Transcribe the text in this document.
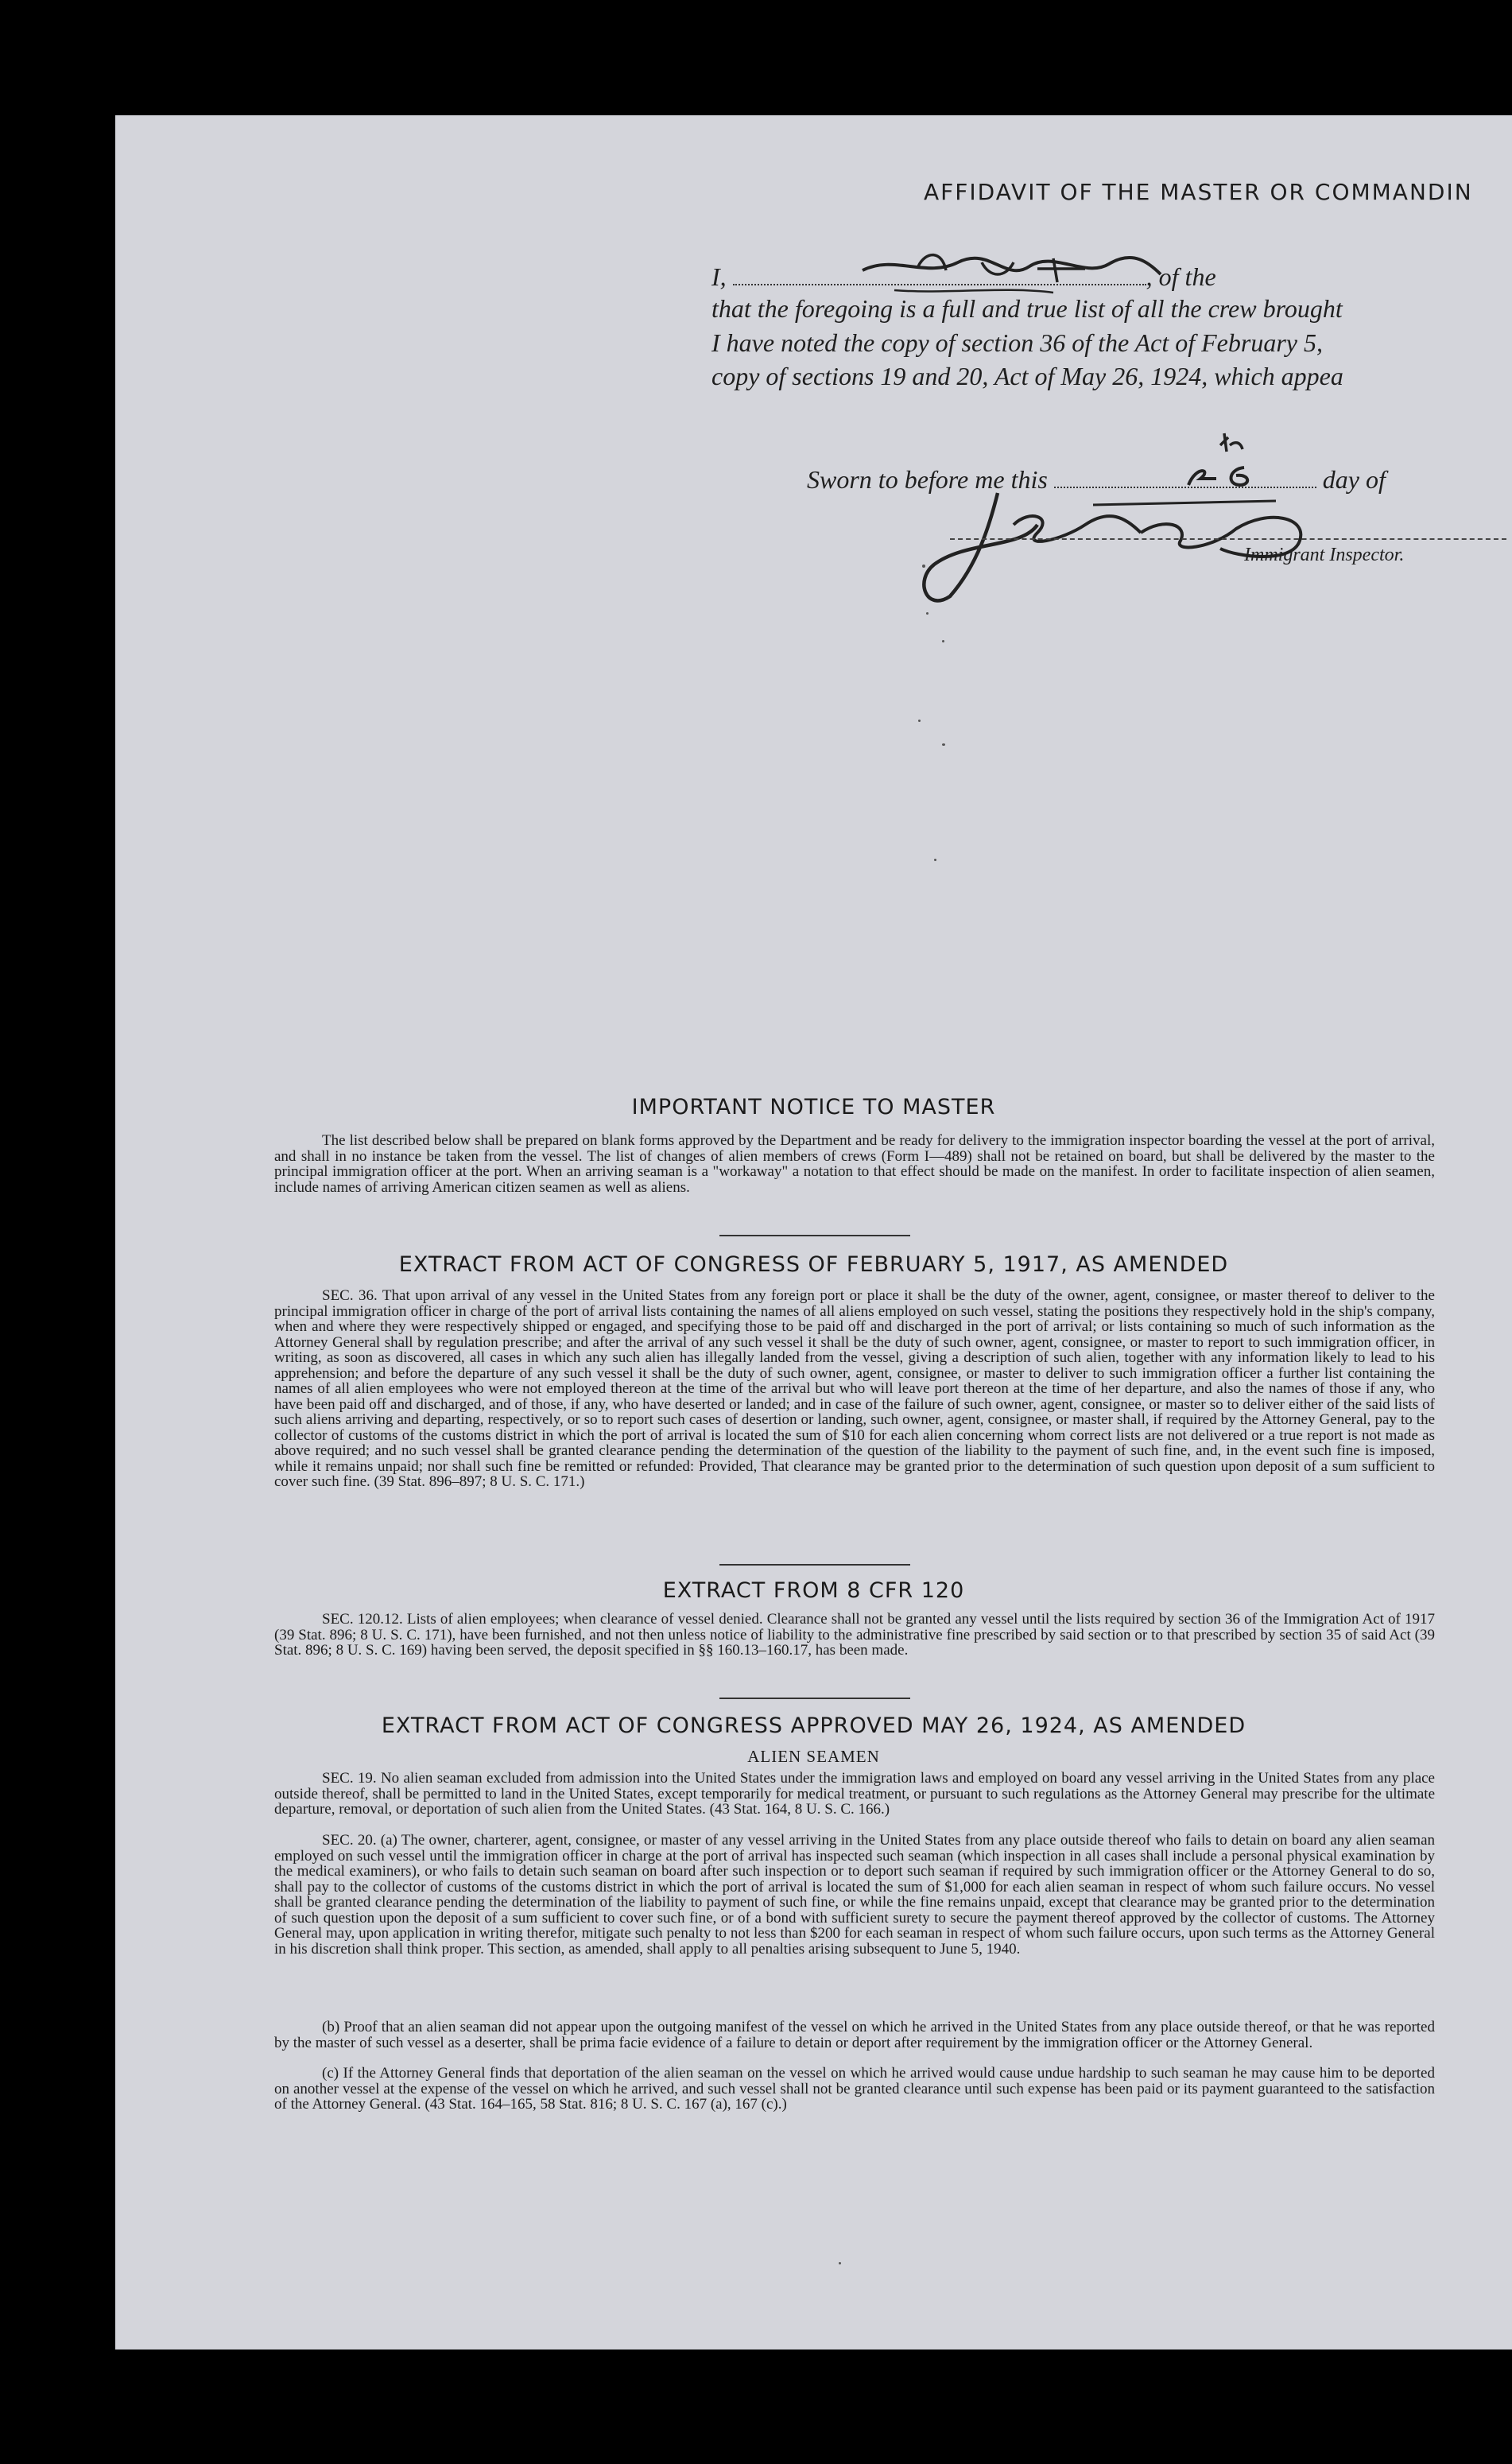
AFFIDAVIT OF THE MASTER OR COMMANDIN
I,	, of the
that the foregoing is a full and true list of all the crew brought
I have noted the copy of section 36 of the Act of February 5,
copy of sections 19 and 20, Act of May 26, 1924, which appea
Sworn to before me this	day of
Immigrant Inspector.
IMPORTANT NOTICE TO MASTER
The list described below shall be prepared on blank forms approved by the Department and be ready for delivery to the immigration inspector boarding the vessel at the port of arrival, and shall in no instance be taken from the vessel. The list of changes of alien members of crews (Form I—489) shall not be retained on board, but shall be delivered by the master to the principal immigration officer at the port. When an arriving seaman is a "workaway" a notation to that effect should be made on the manifest. In order to facilitate inspection of alien seamen, include names of arriving American citizen seamen as well as aliens.
EXTRACT FROM ACT OF CONGRESS OF FEBRUARY 5, 1917, AS AMENDED
SEC. 36. That upon arrival of any vessel in the United States from any foreign port or place it shall be the duty of the owner, agent, consignee, or master thereof to deliver to the principal immigration officer in charge of the port of arrival lists containing the names of all aliens employed on such vessel, stating the positions they respectively hold in the ship's company, when and where they were respectively shipped or engaged, and specifying those to be paid off and discharged in the port of arrival; or lists containing so much of such information as the Attorney General shall by regulation prescribe; and after the arrival of any such vessel it shall be the duty of such owner, agent, consignee, or master to report to such immigration officer, in writing, as soon as discovered, all cases in which any such alien has illegally landed from the vessel, giving a description of such alien, together with any information likely to lead to his apprehension; and before the departure of any such vessel it shall be the duty of such owner, agent, consignee, or master to deliver to such immigration officer a further list containing the names of all alien employees who were not employed thereon at the time of the arrival but who will leave port thereon at the time of her departure, and also the names of those if any, who have been paid off and discharged, and of those, if any, who have deserted or landed; and in case of the failure of such owner, agent, consignee, or master so to deliver either of the said lists of such aliens arriving and departing, respectively, or so to report such cases of desertion or landing, such owner, agent, consignee, or master shall, if required by the Attorney General, pay to the collector of customs of the customs district in which the port of arrival is located the sum of $10 for each alien concerning whom correct lists are not delivered or a true report is not made as above required; and no such vessel shall be granted clearance pending the determination of the question of the liability to the payment of such fine, and, in the event such fine is imposed, while it remains unpaid; nor shall such fine be remitted or refunded: Provided, That clearance may be granted prior to the determination of such question upon deposit of a sum sufficient to cover such fine. (39 Stat. 896–897; 8 U. S. C. 171.)
EXTRACT FROM 8 CFR 120
SEC. 120.12. Lists of alien employees; when clearance of vessel denied. Clearance shall not be granted any vessel until the lists required by section 36 of the Immigration Act of 1917 (39 Stat. 896; 8 U. S. C. 171), have been furnished, and not then unless notice of liability to the administrative fine prescribed by said section or to that prescribed by section 35 of said Act (39 Stat. 896; 8 U. S. C. 169) having been served, the deposit specified in §§ 160.13–160.17, has been made.
EXTRACT FROM ACT OF CONGRESS APPROVED MAY 26, 1924, AS AMENDED
ALIEN SEAMEN
SEC. 19. No alien seaman excluded from admission into the United States under the immigration laws and employed on board any vessel arriving in the United States from any place outside thereof, shall be permitted to land in the United States, except temporarily for medical treatment, or pursuant to such regulations as the Attorney General may prescribe for the ultimate departure, removal, or deportation of such alien from the United States. (43 Stat. 164, 8 U. S. C. 166.)
SEC. 20. (a) The owner, charterer, agent, consignee, or master of any vessel arriving in the United States from any place outside thereof who fails to detain on board any alien seaman employed on such vessel until the immigration officer in charge at the port of arrival has inspected such seaman (which inspection in all cases shall include a personal physical examination by the medical examiners), or who fails to detain such seaman on board after such inspection or to deport such seaman if required by such immigration officer or the Attorney General to do so, shall pay to the collector of customs of the customs district in which the port of arrival is located the sum of $1,000 for each alien seaman in respect of whom such failure occurs. No vessel shall be granted clearance pending the determination of the liability to payment of such fine, or while the fine remains unpaid, except that clearance may be granted prior to the determination of such question upon the deposit of a sum sufficient to cover such fine, or of a bond with sufficient surety to secure the payment thereof approved by the collector of customs. The Attorney General may, upon application in writing therefor, mitigate such penalty to not less than $200 for each seaman in respect of whom such failure occurs, upon such terms as the Attorney General in his discretion shall think proper. This section, as amended, shall apply to all penalties arising subsequent to June 5, 1940.
(b) Proof that an alien seaman did not appear upon the outgoing manifest of the vessel on which he arrived in the United States from any place outside thereof, or that he was reported by the master of such vessel as a deserter, shall be prima facie evidence of a failure to detain or deport after requirement by the immigration officer or the Attorney General.
(c) If the Attorney General finds that deportation of the alien seaman on the vessel on which he arrived would cause undue hardship to such seaman he may cause him to be deported on another vessel at the expense of the vessel on which he arrived, and such vessel shall not be granted clearance until such expense has been paid or its payment guaranteed to the satisfaction of the Attorney General. (43 Stat. 164–165, 58 Stat. 816; 8 U. S. C. 167 (a), 167 (c).)
